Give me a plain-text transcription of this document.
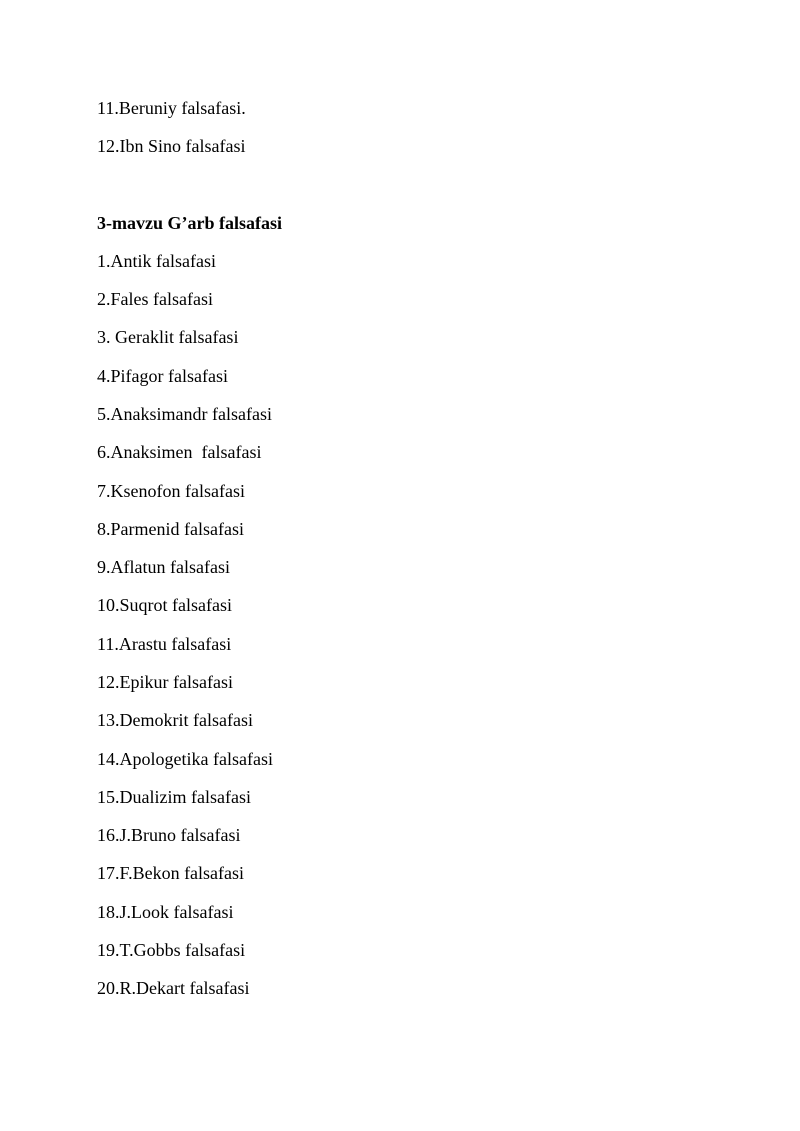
11.Beruniy falsafasi.
12.Ibn Sino falsafasi
3-mavzu G’arb falsafasi
1.Antik falsafasi
2.Fales falsafasi
3. Geraklit falsafasi
4.Pifagor falsafasi
5.Anaksimandr falsafasi
6.Anaksimen  falsafasi
7.Ksenofon falsafasi
8.Parmenid falsafasi
9.Aflatun falsafasi
10.Suqrot falsafasi
11.Arastu falsafasi
12.Epikur falsafasi
13.Demokrit falsafasi
14.Apologetika falsafasi
15.Dualizim falsafasi
16.J.Bruno falsafasi
17.F.Bekon falsafasi
18.J.Look falsafasi
19.T.Gobbs falsafasi
20.R.Dekart falsafasi
